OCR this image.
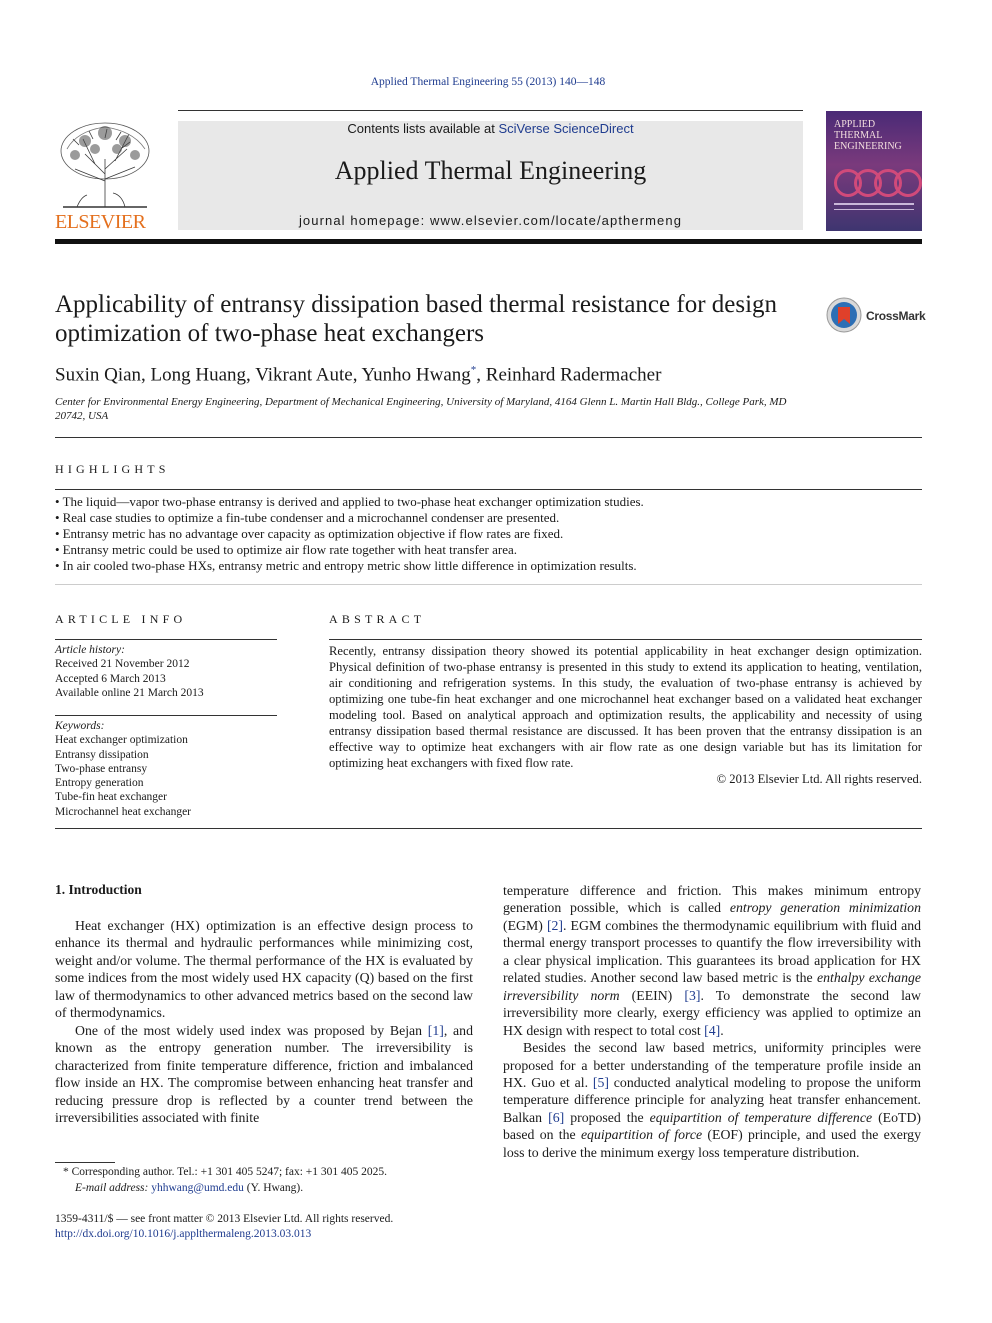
Applied Thermal Engineering 55 (2013) 140—148
Contents lists available at SciVerse ScienceDirect
Applied Thermal Engineering
journal homepage: www.elsevier.com/locate/apthermeng
ELSEVIER
APPLIED
THERMAL
ENGINEERING
Applicability of entransy dissipation based thermal resistance for design optimization of two-phase heat exchangers
CrossMark
Suxin Qian, Long Huang, Vikrant Aute, Yunho Hwang*, Reinhard Radermacher
Center for Environmental Energy Engineering, Department of Mechanical Engineering, University of Maryland, 4164 Glenn L. Martin Hall Bldg., College Park, MD 20742, USA
HIGHLIGHTS
• The liquid—vapor two-phase entransy is derived and applied to two-phase heat exchanger optimization studies.
• Real case studies to optimize a fin-tube condenser and a microchannel condenser are presented.
• Entransy metric has no advantage over capacity as optimization objective if flow rates are fixed.
• Entransy metric could be used to optimize air flow rate together with heat transfer area.
• In air cooled two-phase HXs, entransy metric and entropy metric show little difference in optimization results.
ARTICLE INFO	ABSTRACT
Article history:
Received 21 November 2012
Accepted 6 March 2013
Available online 21 March 2013
Keywords:
Heat exchanger optimization
Entransy dissipation
Two-phase entransy
Entropy generation
Tube-fin heat exchanger
Microchannel heat exchanger
Recently, entransy dissipation theory showed its potential applicability in heat exchanger design optimization. Physical definition of two-phase entransy is presented in this study to extend its application to heating, ventilation, air conditioning and refrigeration systems. In this study, the evaluation of two-phase entransy is achieved by optimizing one tube-fin heat exchanger and one microchannel heat exchanger based on a validated heat exchanger modeling tool. Based on analytical approach and optimization results, the applicability and necessity of using entransy dissipation based thermal resistance are discussed. It has been proven that the entransy dissipation is an effective way to optimize heat exchangers with air flow rate as one design variable but has its limitation for optimizing heat exchangers with fixed flow rate.
© 2013 Elsevier Ltd. All rights reserved.
1. Introduction

Heat exchanger (HX) optimization is an effective design process to enhance its thermal and hydraulic performances while minimizing cost, weight and/or volume. The thermal performance of the HX is evaluated by some indices from the most widely used HX capacity (Q) based on the first law of thermodynamics to other advanced metrics based on the second law of thermodynamics.

One of the most widely used index was proposed by Bejan [1], and known as the entropy generation number. The irreversibility is characterized from finite temperature difference, friction and imbalanced flow inside an HX. The compromise between enhancing heat transfer and reducing pressure drop is reflected by a counter trend between the irreversibilities associated with finite

temperature difference and friction. This makes minimum entropy generation possible, which is called entropy generation minimization (EGM) [2]. EGM combines the thermodynamic equilibrium with fluid and thermal energy transport processes to quantify the flow irreversibility with a clear physical implication. This guarantees its broad application for HX related studies. Another second law based metric is the enthalpy exchange irreversibility norm (EEIN) [3]. To demonstrate the second law irreversibility more clearly, exergy efficiency was applied to optimize an HX design with respect to total cost [4].

Besides the second law based metrics, uniformity principles were proposed for a better understanding of the temperature profile inside an HX. Guo et al. [5] conducted analytical modeling to propose the uniform temperature difference principle for analyzing heat transfer enhancement. Balkan [6] proposed the equipartition of temperature difference (EoTD) based on the equipartition of force (EOF) principle, and used the exergy loss to derive the minimum exergy loss temperature distribution.

* Corresponding author. Tel.: +1 301 405 5247; fax: +1 301 405 2025.
E-mail address: yhhwang@umd.edu (Y. Hwang).
1359-4311/$ — see front matter © 2013 Elsevier Ltd. All rights reserved.
http://dx.doi.org/10.1016/j.applthermaleng.2013.03.013
